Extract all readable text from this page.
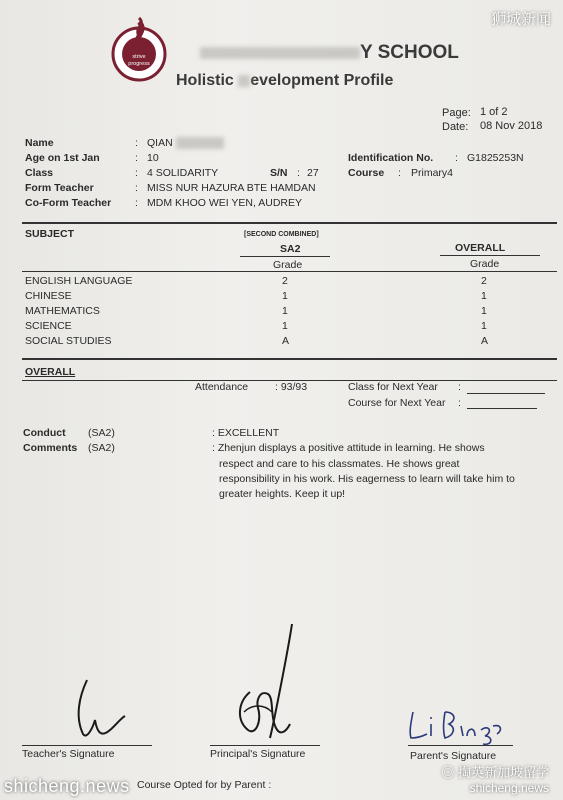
strive
progress
Y SCHOOL
Holistic evelopment Profile
Page: 1 of 2
Date: 08 Nov 2018
Name	: QIAN
Age on 1st Jan	: 10
Class	: 4 SOLIDARITY	S/N : 27
Form Teacher	: MISS NUR HAZURA BTE HAMDAN
Co-Form Teacher : MDM KHOO WEI YEN, AUDREY
Identification No. : G1825253N
Course : Primary4
SUBJECT	[SECOND COMBINED]
SA2	OVERALL
Grade	Grade
ENGLISH LANGUAGE	2	2
CHINESE	1	1
MATHEMATICS	1	1
SCIENCE	1	1
SOCIAL STUDIES	A	A
OVERALL
Attendance	: 93/93	Class for Next Year :
Course for Next Year :
Conduct (SA2)	: EXCELLENT
Comments (SA2)	: Zhenjun displays a positive attitude in learning. He shows
respect and care to his classmates. He shows great
responsibility in his work. His eagerness to learn will take him to
greater heights. Keep it up!
Teacher's Signature	Principal's Signature	Parent's Signature
Course Opted for by Parent :
狮城新闻
shicheng.news
◎ 掏英新加坡留学
shicheng.news
